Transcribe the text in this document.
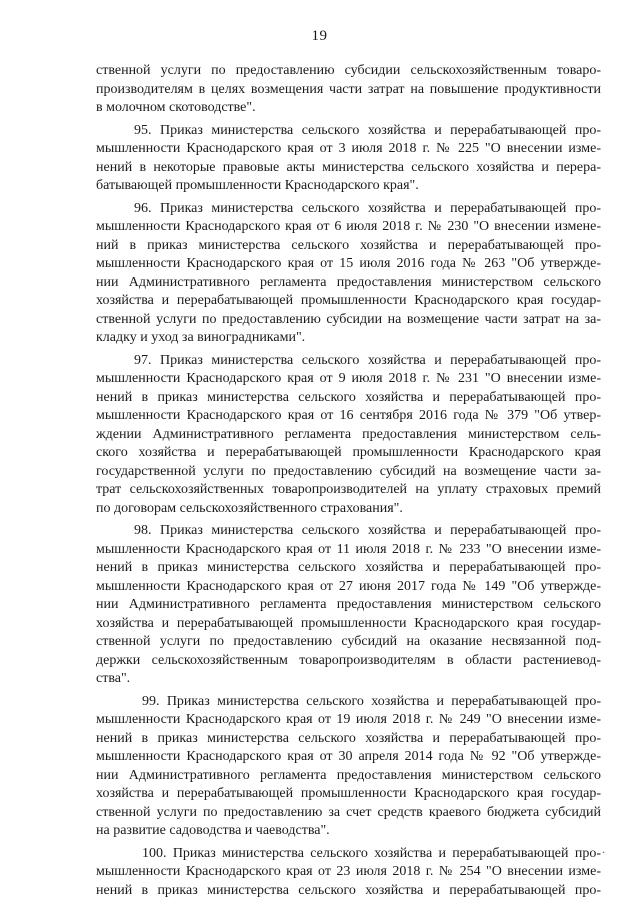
19
ственной услуги по предоставлению субсидии сельскохозяйственным товаро-
производителям в целях возмещения части затрат на повышение продуктивности
в молочном скотоводстве".
95. Приказ министерства сельского хозяйства и перерабатывающей про-
мышленности Краснодарского края от 3 июля 2018 г. № 225 "О внесении изме-
нений в некоторые правовые акты министерства сельского хозяйства и перера-
батывающей промышленности Краснодарского края".
96. Приказ министерства сельского хозяйства и перерабатывающей про-
мышленности Краснодарского края от 6 июля 2018 г. № 230 "О внесении измене-
ний в приказ министерства сельского хозяйства и перерабатывающей про-
мышленности Краснодарского края от 15 июля 2016 года № 263 "Об утвержде-
нии Административного регламента предоставления министерством сельского
хозяйства и перерабатывающей промышленности Краснодарского края государ-
ственной услуги по предоставлению субсидии на возмещение части затрат на за-
кладку и уход за виноградниками".
97. Приказ министерства сельского хозяйства и перерабатывающей про-
мышленности Краснодарского края от 9 июля 2018 г. № 231 "О внесении изме-
нений в приказ министерства сельского хозяйства и перерабатывающей про-
мышленности Краснодарского края от 16 сентября 2016 года № 379 "Об утвер-
ждении Административного регламента предоставления министерством сель-
ского хозяйства и перерабатывающей промышленности Краснодарского края
государственной услуги по предоставлению субсидий на возмещение части за-
трат сельскохозяйственных товаропроизводителей на уплату страховых премий
по договорам сельскохозяйственного страхования".
98. Приказ министерства сельского хозяйства и перерабатывающей про-
мышленности Краснодарского края от 11 июля 2018 г. № 233 "О внесении изме-
нений в приказ министерства сельского хозяйства и перерабатывающей про-
мышленности Краснодарского края от 27 июня 2017 года № 149 "Об утвержде-
нии Административного регламента предоставления министерством сельского
хозяйства и перерабатывающей промышленности Краснодарского края государ-
ственной услуги по предоставлению субсидий на оказание несвязанной под-
держки сельскохозяйственным товаропроизводителям в области растениевод-
ства".
99. Приказ министерства сельского хозяйства и перерабатывающей про-
мышленности Краснодарского края от 19 июля 2018 г. № 249 "О внесении изме-
нений в приказ министерства сельского хозяйства и перерабатывающей про-
мышленности Краснодарского края от 30 апреля 2014 года № 92 "Об утвержде-
нии Административного регламента предоставления министерством сельского
хозяйства и перерабатывающей промышленности Краснодарского края государ-
ственной услуги по предоставлению за счет средств краевого бюджета субсидий
на развитие садоводства и чаеводства".
100. Приказ министерства сельского хозяйства и перерабатывающей про-
мышленности Краснодарского края от 23 июля 2018 г. № 254 "О внесении изме-
нений в приказ министерства сельского хозяйства и перерабатывающей про-
.
